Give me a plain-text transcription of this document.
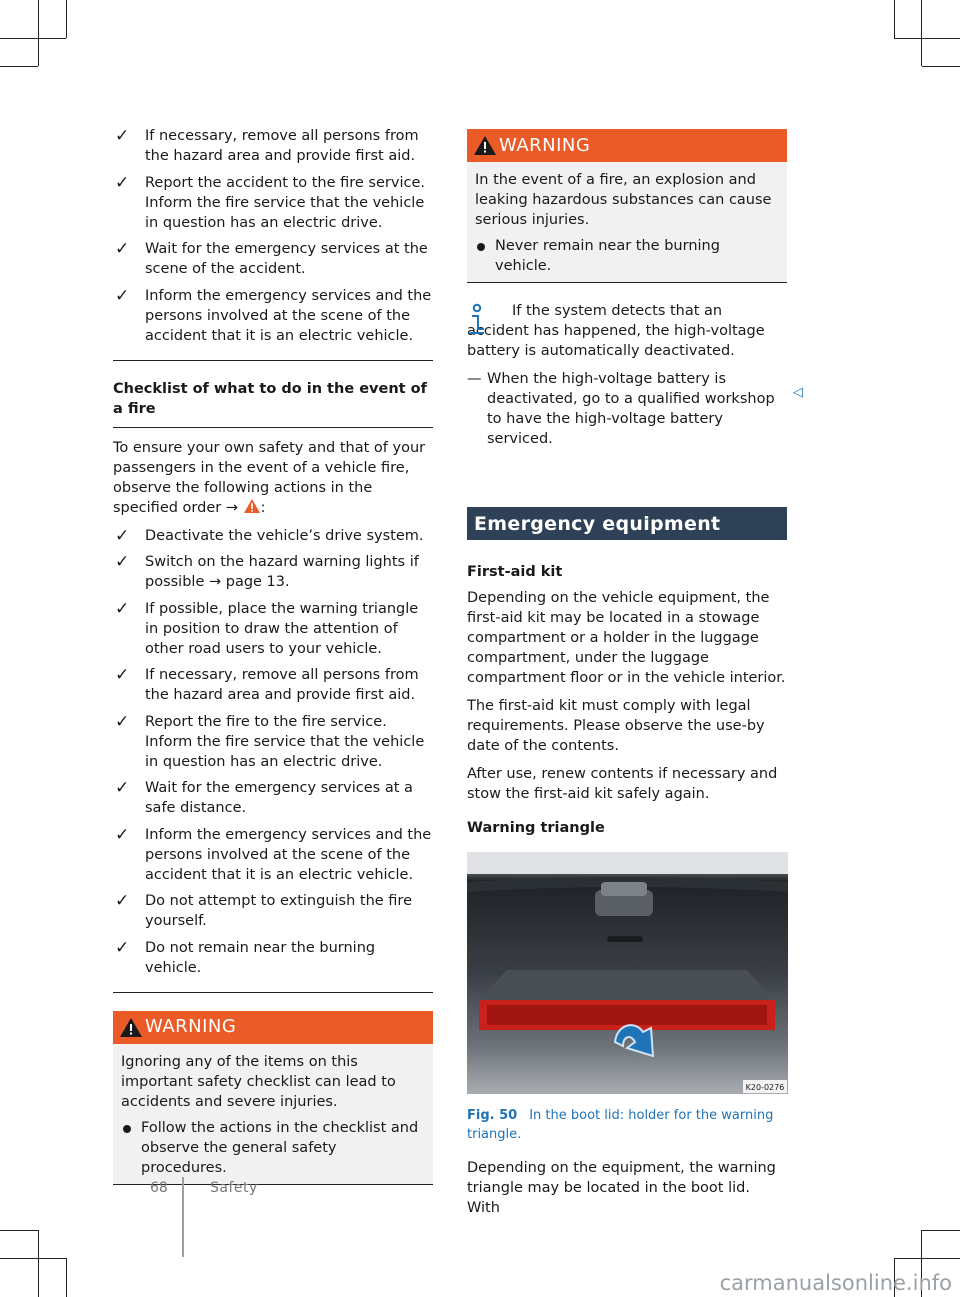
✓ If necessary, remove all persons from the hazard area and provide first aid.
✓ Report the accident to the fire service. Inform the fire service that the vehicle in question has an electric drive.
✓ Wait for the emergency services at the scene of the accident.
✓ Inform the emergency services and the persons involved at the scene of the accident that it is an electric vehicle.
Checklist of what to do in the event of a fire

To ensure your own safety and that of your passengers in the event of a vehicle fire, observe the following actions in the specified order → :

✓ Deactivate the vehicle’s drive system.
✓ Switch on the hazard warning lights if possible → page 13.
✓ If possible, place the warning triangle in position to draw the attention of other road users to your vehicle.
✓ If necessary, remove all persons from the hazard area and provide first aid.
✓ Report the fire to the fire service. Inform the fire service that the vehicle in question has an electric drive.
✓ Wait for the emergency services at a safe distance.
✓ Inform the emergency services and the persons involved at the scene of the accident that it is an electric vehicle.
✓ Do not attempt to extinguish the fire yourself.
✓ Do not remain near the burning vehicle.
WARNING
Ignoring any of the items on this important safety checklist can lead to accidents and severe injuries.
Follow the actions in the checklist and observe the general safety procedures.
WARNING
In the event of a fire, an explosion and leaking hazardous substances can cause serious injuries.
Never remain near the burning vehicle.
If the system detects that an accident has happened, the high-voltage battery is automatically deactivated.
— When the high-voltage battery is deactivated, go to a qualified workshop to have the high-voltage battery serviced.
◁
Emergency equipment
First-aid kit

Depending on the vehicle equipment, the first-aid kit may be located in a stowage compartment or a holder in the luggage compartment, under the luggage compartment floor or in the vehicle interior.

The first-aid kit must comply with legal requirements. Please observe the use-by date of the contents.

After use, renew contents if necessary and stow the first-aid kit safely again.

Warning triangle
K20-0276
Fig. 50 In the boot lid: holder for the warning triangle.

Depending on the equipment, the warning triangle may be located in the boot lid. With

68	Safety
carmanualsonline.info
